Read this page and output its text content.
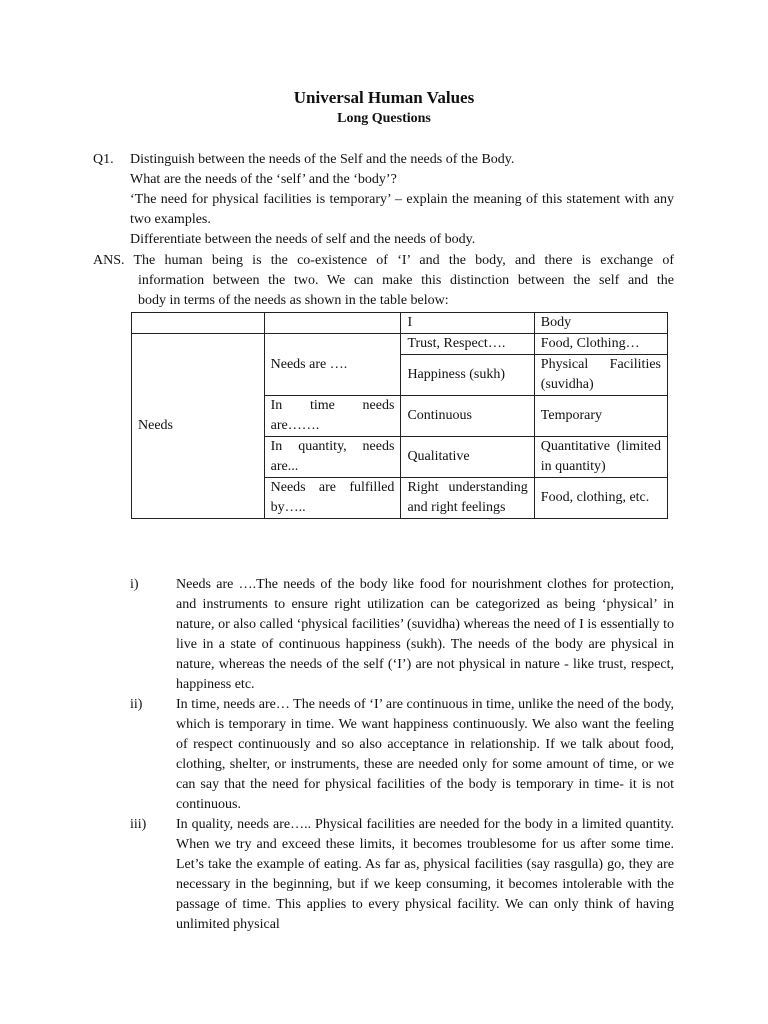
Universal Human Values
Long Questions
Q1. Distinguish between the needs of the Self and the needs of the Body.

What are the needs of the ‘self’ and the ‘body’?

‘The need for physical facilities is temporary’ – explain the meaning of this statement with any two examples.

Differentiate between the needs of self and the needs of body.

ANS. The human being is the co-existence of ‘I’ and the body, and there is exchange of

information between the two. We can make this distinction between the self and the

body in terms of the needs as shown in the table below:

		I	Body
Needs	Needs are ….	Trust, Respect….	Food, Clothing…
		Happiness (sukh)	Physical Facilities (suvidha)
	In time needs are…….	Continuous	Temporary
	In quantity, needs are...	Qualitative	Quantitative (limited in quantity)
	Needs are fulfilled by…..	Right understanding and right feelings	Food, clothing, etc.
i)	Needs are ….The needs of the body like food for nourishment clothes for protection, and instruments to ensure right utilization can be categorized as being ‘physical’ in nature, or also called ‘physical facilities’ (suvidha) whereas the need of I is essentially to live in a state of continuous happiness (sukh). The needs of the body are physical in nature, whereas the needs of the self (‘I’) are not physical in nature - like trust, respect, happiness etc.
ii) In time, needs are… The needs of ‘I’ are continuous in time, unlike the need of the body, which is temporary in time. We want happiness continuously. We also want the feeling of respect continuously and so also acceptance in relationship. If we talk about food, clothing, shelter, or instruments, these are needed only for some amount of time, or we can say that the need for physical facilities of the body is temporary in time- it is not continuous.
iii) In quality, needs are….. Physical facilities are needed for the body in a limited quantity. When we try and exceed these limits, it becomes troublesome for us after some time. Let’s take the example of eating. As far as, physical facilities (say rasgulla) go, they are necessary in the beginning, but if we keep consuming, it becomes intolerable with the passage of time. This applies to every physical facility. We can only think of having unlimited physical
